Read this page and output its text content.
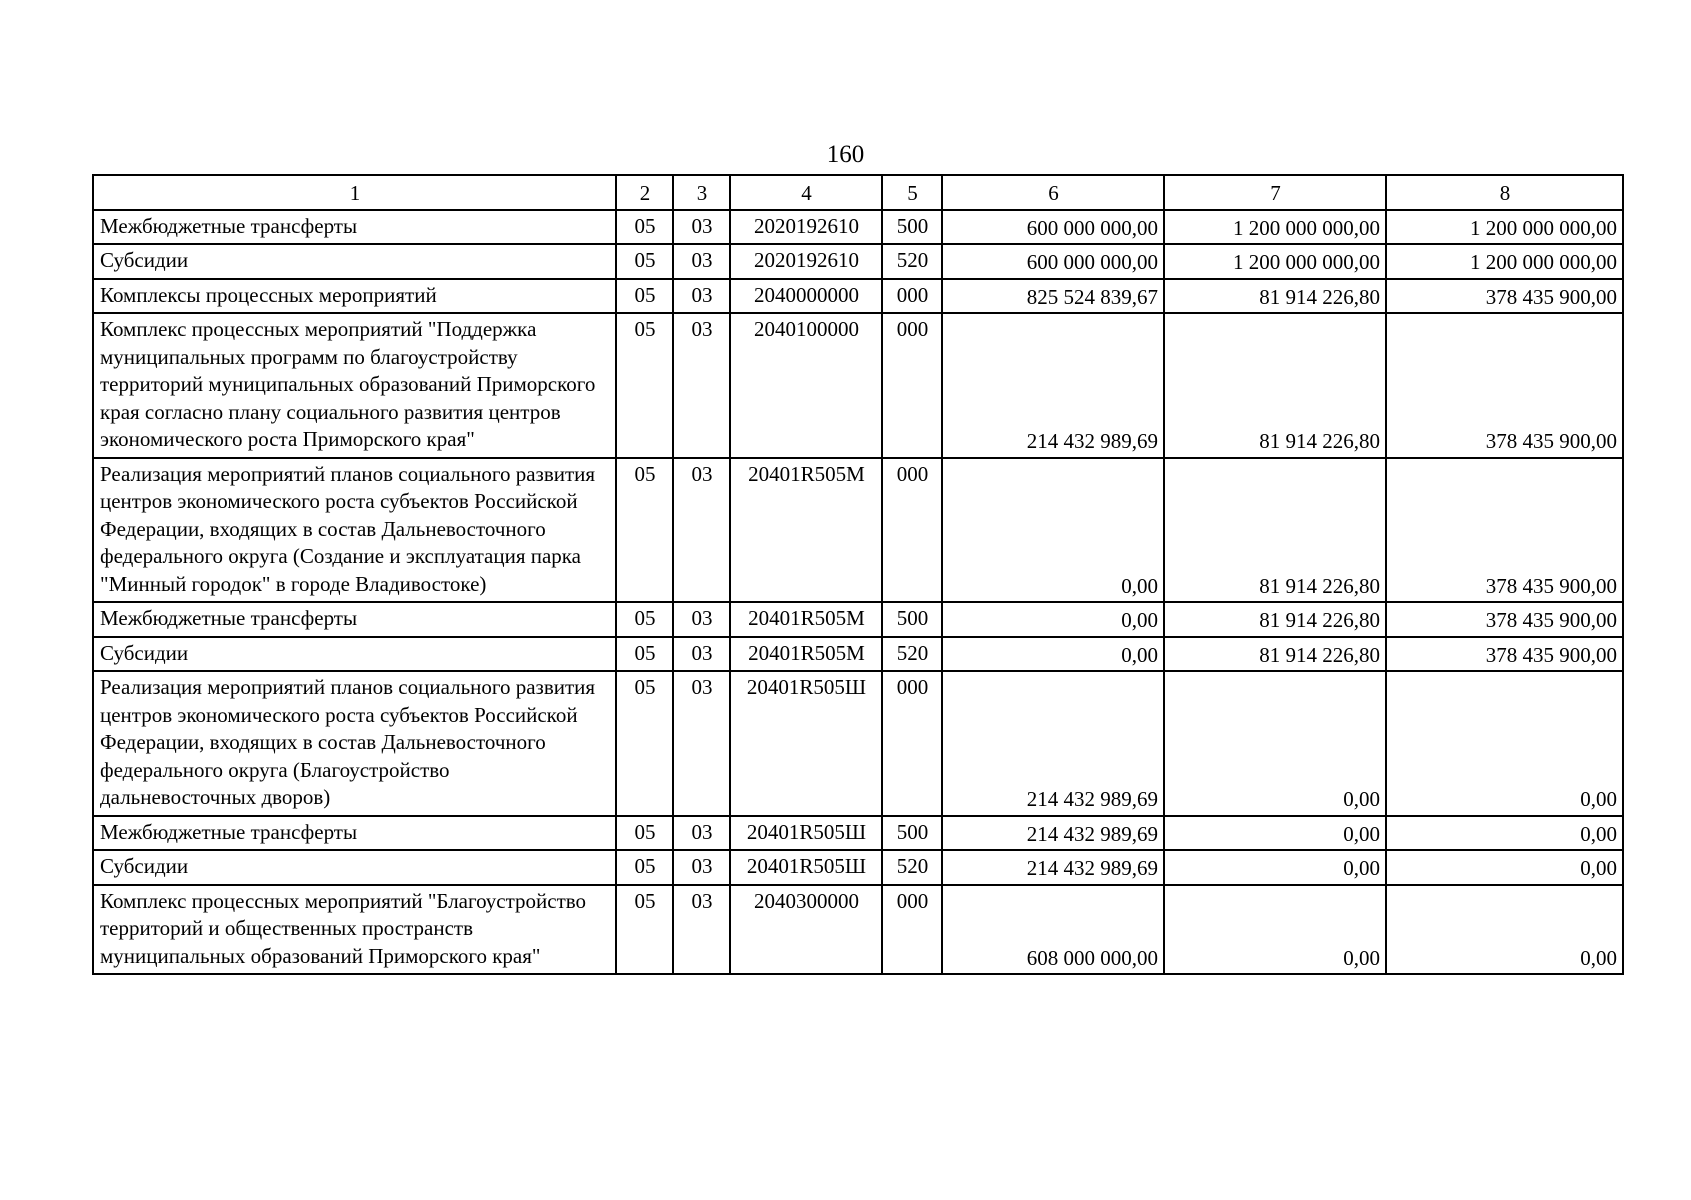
160
1	2	3	4	5	6	7	8
Межбюджетные трансферты	05	03	2020192610	500	600 000 000,00	1 200 000 000,00	1 200 000 000,00
Субсидии	05	03	2020192610	520	600 000 000,00	1 200 000 000,00	1 200 000 000,00
Комплексы процессных мероприятий	05	03	2040000000	000	825 524 839,67	81 914 226,80	378 435 900,00
Комплекс процессных мероприятий "Поддержка муниципальных программ по благоустройству территорий муниципальных образований Приморского края согласно плану социального развития центров экономического роста Приморского края"	05	03	2040100000	000	214 432 989,69	81 914 226,80	378 435 900,00
Реализация мероприятий планов социального развития центров экономического роста субъектов Российской Федерации, входящих в состав Дальневосточного федерального округа (Создание и эксплуатация парка "Минный городок" в городе Владивостоке)	05	03	20401R505M	000	0,00	81 914 226,80	378 435 900,00
Межбюджетные трансферты	05	03	20401R505M	500	0,00	81 914 226,80	378 435 900,00
Субсидии	05	03	20401R505M	520	0,00	81 914 226,80	378 435 900,00
Реализация мероприятий планов социального развития центров экономического роста субъектов Российской Федерации, входящих в состав Дальневосточного федерального округа (Благоустройство дальневосточных дворов)	05	03	20401R505Ш	000	214 432 989,69	0,00	0,00
Межбюджетные трансферты	05	03	20401R505Ш	500	214 432 989,69	0,00	0,00
Субсидии	05	03	20401R505Ш	520	214 432 989,69	0,00	0,00
Комплекс процессных мероприятий "Благоустройство территорий и общественных пространств муниципальных образований Приморского края"	05	03	2040300000	000	608 000 000,00	0,00	0,00
